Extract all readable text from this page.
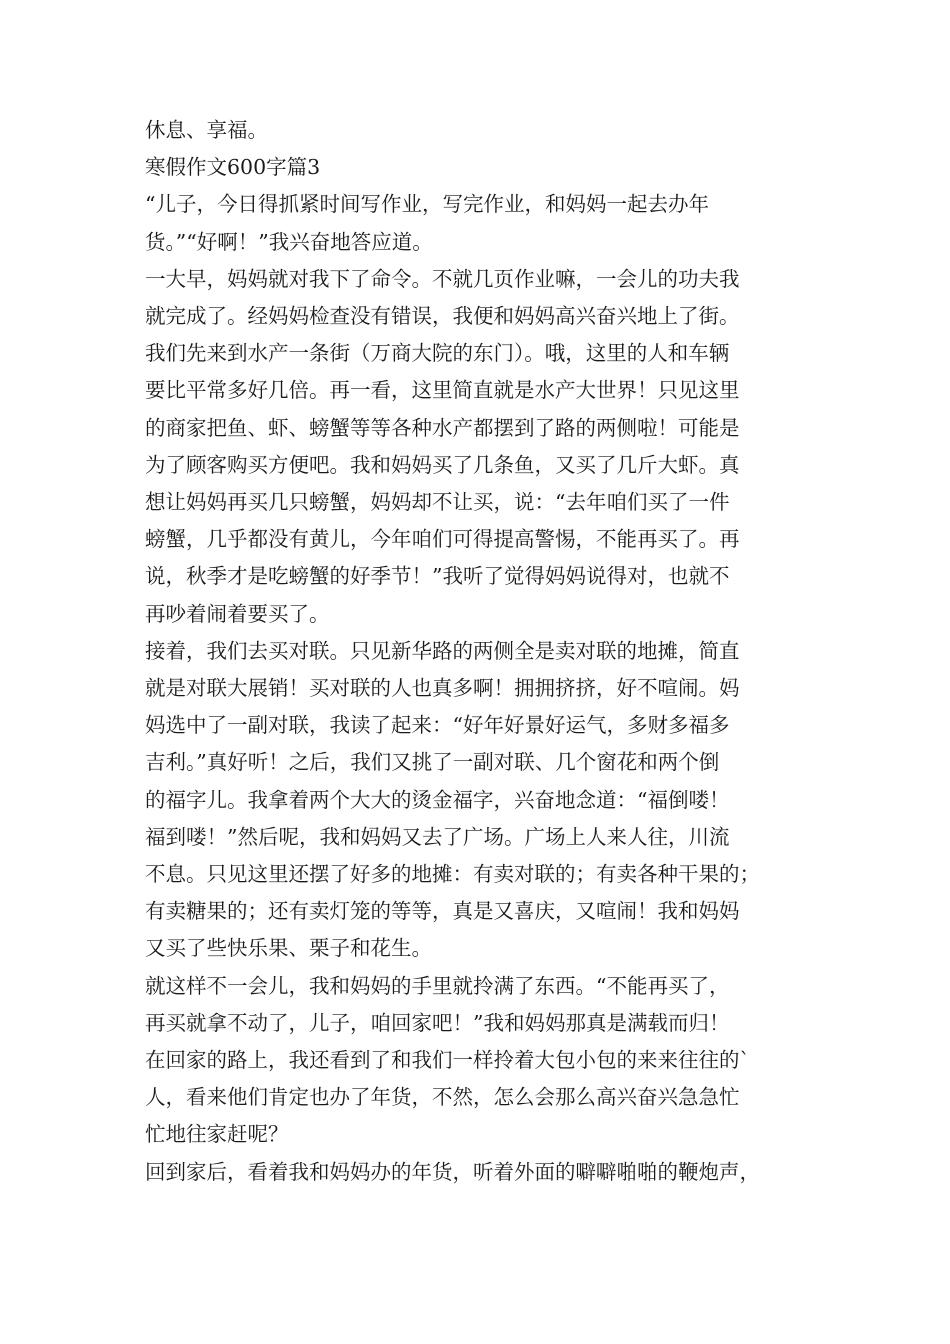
休息、享福。

寒假作文600字篇3

“儿子，今日得抓紧时间写作业，写完作业，和妈妈一起去办年

货。”“好啊！”我兴奋地答应道。

一大早，妈妈就对我下了命令。不就几页作业嘛，一会儿的功夫我

就完成了。经妈妈检查没有错误，我便和妈妈高兴奋兴地上了街。

我们先来到水产一条街（万商大院的东门）。哦，这里的人和车辆

要比平常多好几倍。再一看，这里简直就是水产大世界！只见这里

的商家把鱼、虾、螃蟹等等各种水产都摆到了路的两侧啦！可能是

为了顾客购买方便吧。我和妈妈买了几条鱼，又买了几斤大虾。真

想让妈妈再买几只螃蟹，妈妈却不让买，说：“去年咱们买了一件

螃蟹，几乎都没有黄儿，今年咱们可得提高警惕，不能再买了。再

说，秋季才是吃螃蟹的好季节！”我听了觉得妈妈说得对，也就不

再吵着闹着要买了。

接着，我们去买对联。只见新华路的两侧全是卖对联的地摊，简直

就是对联大展销！买对联的人也真多啊！拥拥挤挤，好不喧闹。妈

妈选中了一副对联，我读了起来：“好年好景好运气，多财多福多

吉利。”真好听！之后，我们又挑了一副对联、几个窗花和两个倒

的福字儿。我拿着两个大大的烫金福字，兴奋地念道：“福倒喽！

福到喽！”然后呢，我和妈妈又去了广场。广场上人来人往，川流

不息。只见这里还摆了好多的地摊：有卖对联的；有卖各种干果的；

有卖糖果的；还有卖灯笼的等等，真是又喜庆，又喧闹！我和妈妈

又买了些快乐果、栗子和花生。

就这样不一会儿，我和妈妈的手里就拎满了东西。“不能再买了，

再买就拿不动了，儿子，咱回家吧！”我和妈妈那真是满载而归！

在回家的路上，我还看到了和我们一样拎着大包小包的来来往往的`

人，看来他们肯定也办了年货，不然，怎么会那么高兴奋兴急急忙

忙地往家赶呢？

回到家后，看着我和妈妈办的年货，听着外面的噼噼啪啪的鞭炮声，
